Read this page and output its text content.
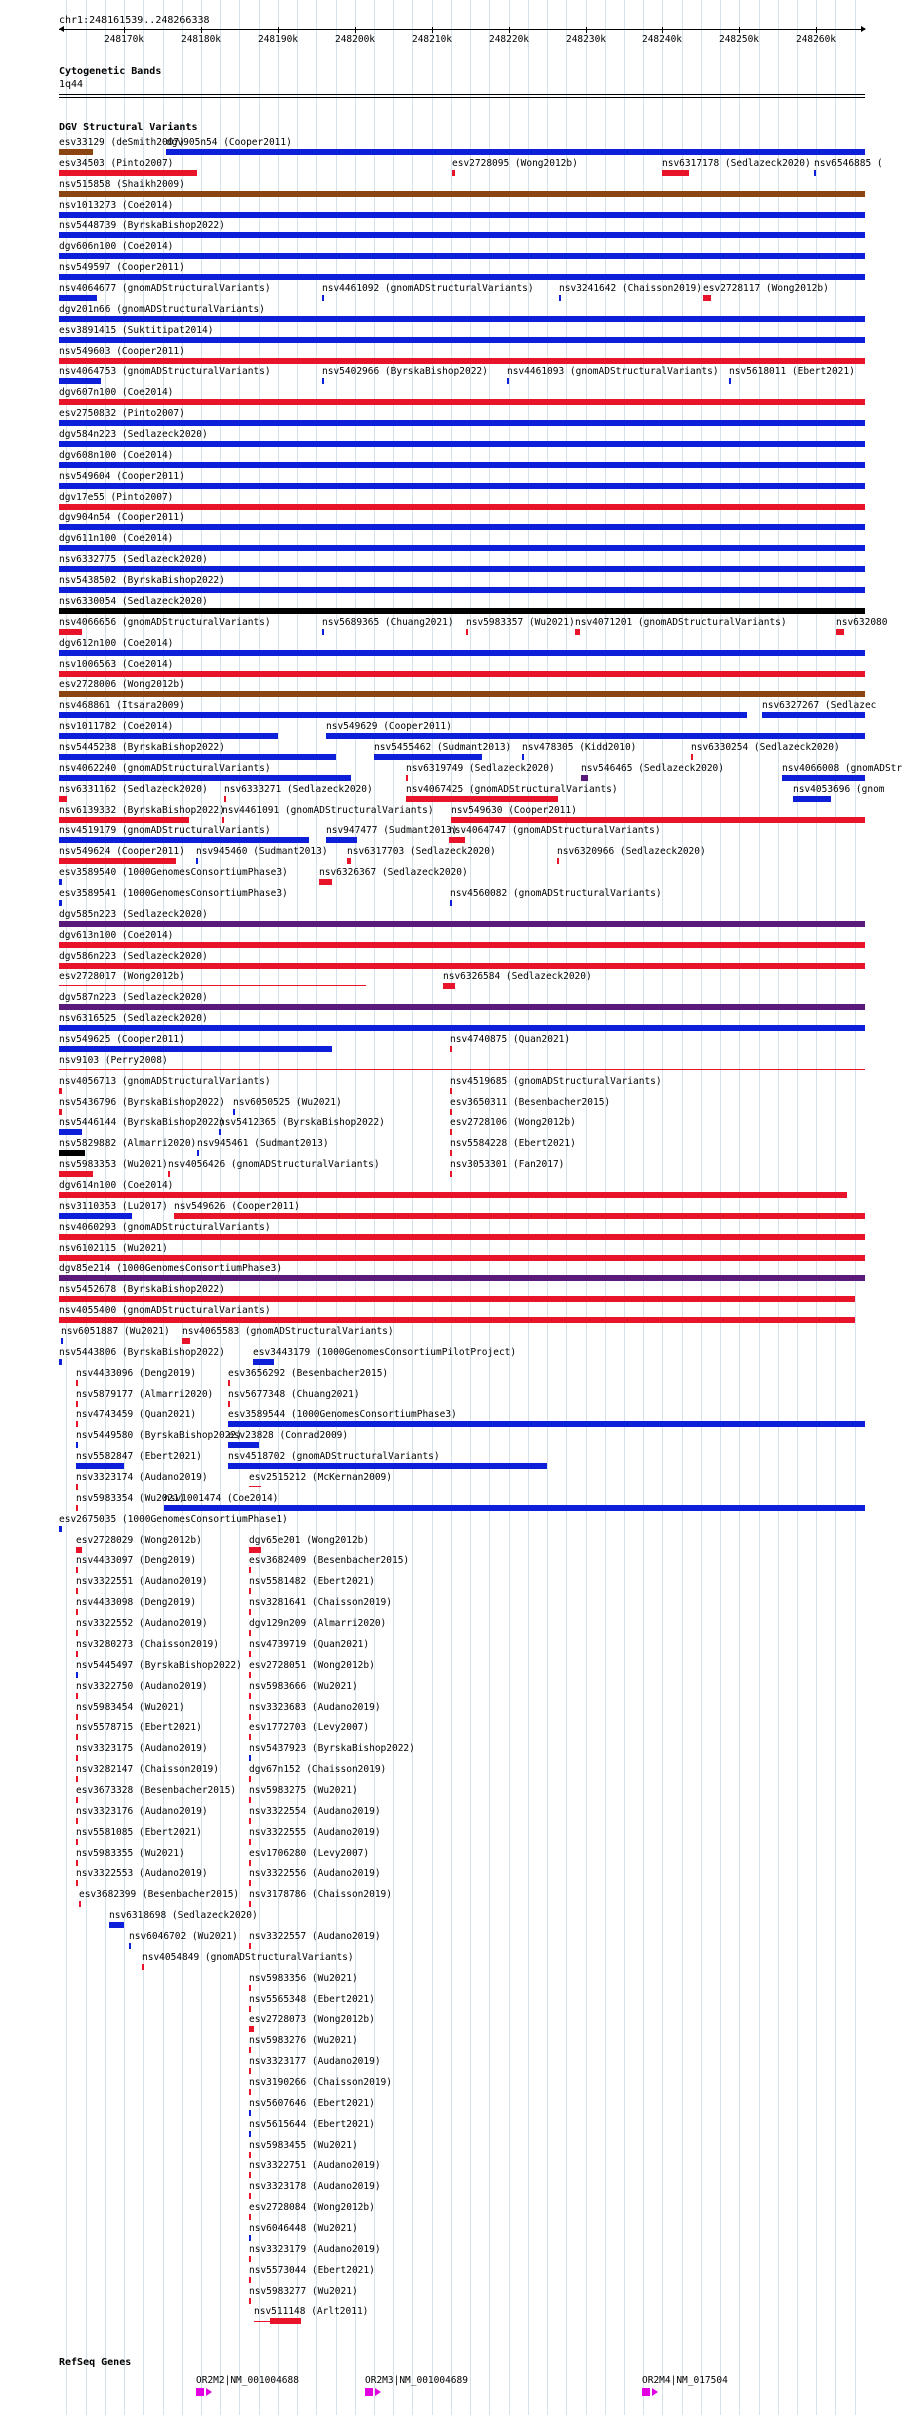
chr1:248161539..248266338
248170k	248180k	248190k	248200k	248210k	248220k	248230k	248240k	248250k	248260k
Cytogenetic Bands
1q44
DGV Structural Variants
esv33129 (deSmith2007)
dgv905n54 (Cooper2011)
esv34503 (Pinto2007)	esv2728095 (Wong2012b)	nsv6317178 (Sedlazeck2020) nsv6546885 (
nsv515858 (Shaikh2009)
nsv1013273 (Coe2014)
nsv5448739 (ByrskaBishop2022)
dgv606n100 (Coe2014)
nsv549597 (Cooper2011)
nsv4064677 (gnomADStructuralVariants)	nsv4461092 (gnomADStructuralVariants)	nsv3241642 (Chaisson2019) esv2728117 (Wong2012b)
dgv201n66 (gnomADStructuralVariants)
esv3891415 (Suktitipat2014)
nsv549603 (Cooper2011)
nsv4064753 (gnomADStructuralVariants)	nsv5402966 (ByrskaBishop2022) nsv4461093 (gnomADStructuralVariants) nsv5618011 (Ebert2021)
dgv607n100 (Coe2014)
esv2750832 (Pinto2007)
dgv584n223 (Sedlazeck2020)
dgv608n100 (Coe2014)
nsv549604 (Cooper2011)
dgv17e55 (Pinto2007)
dgv904n54 (Cooper2011)
dgv611n100 (Coe2014)
nsv6332775 (Sedlazeck2020)
nsv5438502 (ByrskaBishop2022)
nsv6330054 (Sedlazeck2020)
nsv4066656 (gnomADStructuralVariants)	nsv5689365 (Chuang2021) nsv5983357 (Wu2021) nsv4071201 (gnomADStructuralVariants)	nsv632080
dgv612n100 (Coe2014)
nsv1006563 (Coe2014)
esv2728006 (Wong2012b)
nsv468861 (Itsara2009)	nsv6327267 (Sedlazec
nsv1011782 (Coe2014)	nsv549629 (Cooper2011)
nsv5445238 (ByrskaBishop2022)	nsv5455462 (Sudmant2013) nsv478305 (Kidd2010)	nsv6330254 (Sedlazeck2020)
nsv4062240 (gnomADStructuralVariants)	nsv6319749 (Sedlazeck2020)	nsv546465 (Sedlazeck2020)	nsv4066008 (gnomADStr
nsv6331162 (Sedlazeck2020) nsv6333271 (Sedlazeck2020)	nsv4067425 (gnomADStructuralVariants)	nsv4053696 (gnom
nsv6139332 (ByrskaBishop2022)
nsv4461091 (gnomADStructuralVariants) nsv549630 (Cooper2011)
nsv4519179 (gnomADStructuralVariants)	nsv947477 (Sudmant2013)
nsv4064747 (gnomADStructuralVariants)
nsv549624 (Cooper2011) nsv945460 (Sudmant2013) nsv6317703 (Sedlazeck2020)	nsv6320966 (Sedlazeck2020)
esv3589540 (1000GenomesConsortiumPhase3)	nsv6326367 (Sedlazeck2020)
esv3589541 (1000GenomesConsortiumPhase3)	nsv4560082 (gnomADStructuralVariants)
dgv585n223 (Sedlazeck2020)
dgv613n100 (Coe2014)
dgv586n223 (Sedlazeck2020)
esv2728017 (Wong2012b)	nsv6326584 (Sedlazeck2020)
dgv587n223 (Sedlazeck2020)
nsv6316525 (Sedlazeck2020)
nsv549625 (Cooper2011)	nsv4740875 (Quan2021)
nsv9103 (Perry2008)
nsv4056713 (gnomADStructuralVariants)	nsv4519685 (gnomADStructuralVariants)
nsv5436796 (ByrskaBishop2022) nsv6050525 (Wu2021)	esv3650311 (Besenbacher2015)
nsv5446144 (ByrskaBishop2022)
nsv5412365 (ByrskaBishop2022)	esv2728106 (Wong2012b)
nsv5829882 (Almarri2020) nsv945461 (Sudmant2013)	nsv5584228 (Ebert2021)
nsv5983353 (Wu2021) nsv4056426 (gnomADStructuralVariants)	nsv3053301 (Fan2017)
dgv614n100 (Coe2014)
nsv3110353 (Lu2017) nsv549626 (Cooper2011)
nsv4060293 (gnomADStructuralVariants)
nsv6102115 (Wu2021)
dgv85e214 (1000GenomesConsortiumPhase3)
nsv5452678 (ByrskaBishop2022)
nsv4055400 (gnomADStructuralVariants)
nsv6051887 (Wu2021) nsv4065583 (gnomADStructuralVariants)
nsv5443806 (ByrskaBishop2022)	esv3443179 (1000GenomesConsortiumPilotProject)
nsv4433096 (Deng2019)	esv3656292 (Besenbacher2015)
nsv5879177 (Almarri2020) nsv5677348 (Chuang2021)
nsv4743459 (Quan2021)	esv3589544 (1000GenomesConsortiumPhase3)
nsv5449580 (ByrskaBishop2022)
esv23828 (Conrad2009)
nsv5582847 (Ebert2021)	nsv4518702 (gnomADStructuralVariants)
nsv3323174 (Audano2019)	esv2515212 (McKernan2009)
nsv5983354 (Wu2021)
nsv1001474 (Coe2014)
esv2675035 (1000GenomesConsortiumPhase1)
esv2728029 (Wong2012b)	dgv65e201 (Wong2012b)
nsv4433097 (Deng2019)	esv3682409 (Besenbacher2015)
nsv3322551 (Audano2019)	nsv5581482 (Ebert2021)
nsv4433098 (Deng2019)	nsv3281641 (Chaisson2019)
nsv3322552 (Audano2019)	dgv129n209 (Almarri2020)
nsv3280273 (Chaisson2019)	nsv4739719 (Quan2021)
nsv5445497 (ByrskaBishop2022) esv2728051 (Wong2012b)
nsv3322750 (Audano2019)	nsv5983666 (Wu2021)
nsv5983454 (Wu2021)	nsv3323683 (Audano2019)
nsv5578715 (Ebert2021)	esv1772703 (Levy2007)
nsv3323175 (Audano2019)	nsv5437923 (ByrskaBishop2022)
nsv3282147 (Chaisson2019)	dgv67n152 (Chaisson2019)
esv3673328 (Besenbacher2015) nsv5983275 (Wu2021)
nsv3323176 (Audano2019)	nsv3322554 (Audano2019)
nsv5581085 (Ebert2021)	nsv3322555 (Audano2019)
nsv5983355 (Wu2021)	esv1706280 (Levy2007)
nsv3322553 (Audano2019)	nsv3322556 (Audano2019)
esv3682399 (Besenbacher2015) nsv3178786 (Chaisson2019)
nsv6318698 (Sedlazeck2020)
nsv6046702 (Wu2021) nsv3322557 (Audano2019)
nsv4054849 (gnomADStructuralVariants)
nsv5983356 (Wu2021)
nsv5565348 (Ebert2021)
esv2728073 (Wong2012b)
nsv5983276 (Wu2021)
nsv3323177 (Audano2019)
nsv3190266 (Chaisson2019)
nsv5607646 (Ebert2021)
nsv5615644 (Ebert2021)
nsv5983455 (Wu2021)
nsv3322751 (Audano2019)
nsv3323178 (Audano2019)
esv2728084 (Wong2012b)
nsv6046448 (Wu2021)
nsv3323179 (Audano2019)
nsv5573044 (Ebert2021)
nsv5983277 (Wu2021)
nsv511148 (Arlt2011)
RefSeq Genes
OR2M2|NM_001004688	OR2M3|NM_001004689	OR2M4|NM_017504
